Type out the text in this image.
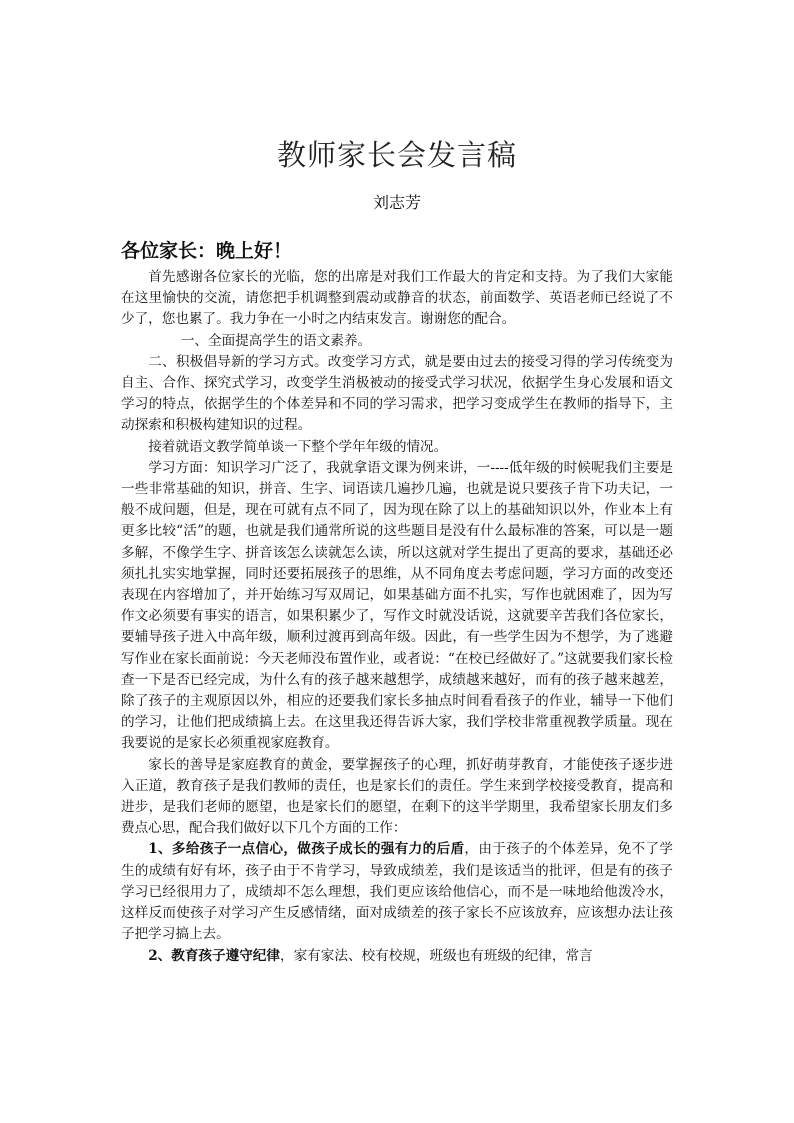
教师家长会发言稿
刘志芳
各位家长：晚上好！

首先感谢各位家长的光临，您的出席是对我们工作最大的肯定和支持。为了我们大家能在这里愉快的交流，请您把手机调整到震动或静音的状态，前面数学、英语老师已经说了不少了，您也累了。我力争在一小时之内结束发言。谢谢您的配合。

一、全面提高学生的语文素养。

二、积极倡导新的学习方式。改变学习方式，就是要由过去的接受习得的学习传统变为自主、合作、探究式学习，改变学生消极被动的接受式学习状况，依据学生身心发展和语文学习的特点，依据学生的个体差异和不同的学习需求，把学习变成学生在教师的指导下，主动探索和积极构建知识的过程。

接着就语文教学简单谈一下整个学年年级的情况。

学习方面：知识学习广泛了，我就拿语文课为例来讲，一----低年级的时候呢我们主要是一些非常基础的知识，拼音、生字、词语读几遍抄几遍，也就是说只要孩子肯下功夫记，一般不成问题，但是，现在可就有点不同了，因为现在除了以上的基础知识以外，作业本上有更多比较“活”的题，也就是我们通常所说的这些题目是没有什么最标准的答案，可以是一题多解，不像学生字、拼音该怎么读就怎么读，所以这就对学生提出了更高的要求，基础还必须扎扎实实地掌握，同时还要拓展孩子的思维，从不同角度去考虑问题，学习方面的改变还表现在内容增加了，并开始练习写双周记，如果基础方面不扎实，写作也就困难了，因为写作文必须要有事实的语言，如果积累少了，写作文时就没话说，这就要辛苦我们各位家长，要辅导孩子进入中高年级，顺利过渡再到高年级。因此，有一些学生因为不想学，为了逃避写作业在家长面前说：今天老师没布置作业，或者说：“在校已经做好了。”这就要我们家长检查一下是否已经完成，为什么有的孩子越来越想学，成绩越来越好，而有的孩子越来越差，除了孩子的主观原因以外，相应的还要我们家长多抽点时间看看孩子的作业，辅导一下他们的学习，让他们把成绩搞上去。在这里我还得告诉大家，我们学校非常重视教学质量。现在我要说的是家长必须重视家庭教育。

家长的善导是家庭教育的黄金，要掌握孩子的心理，抓好萌芽教育，才能使孩子逐步进入正道，教育孩子是我们教师的责任，也是家长们的责任。学生来到学校接受教育，提高和进步，是我们老师的愿望，也是家长们的愿望，在剩下的这半学期里，我希望家长朋友们多费点心思，配合我们做好以下几个方面的工作：

1、多给孩子一点信心，做孩子成长的强有力的后盾，由于孩子的个体差异，免不了学生的成绩有好有坏，孩子由于不肯学习，导致成绩差，我们是该适当的批评，但是有的孩子学习已经很用力了，成绩却不怎么理想，我们更应该给他信心，而不是一味地给他泼冷水，这样反而使孩子对学习产生反感情绪，面对成绩差的孩子家长不应该放弃，应该想办法让孩子把学习搞上去。

2、教育孩子遵守纪律，家有家法、校有校规，班级也有班级的纪律，常言
